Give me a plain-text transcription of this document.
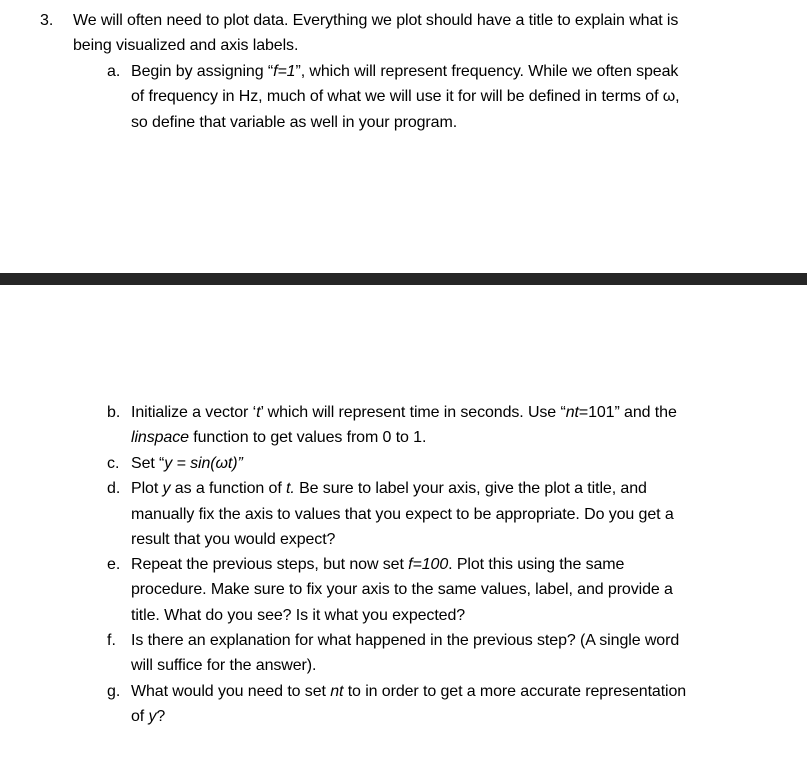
3. We will often need to plot data. Everything we plot should have a title to explain what is
being visualized and axis labels.
a. Begin by assigning “f=1”, which will represent frequency. While we often speak
of frequency in Hz, much of what we will use it for will be defined in terms of ω,
so define that variable as well in your program.
b. Initialize a vector ‘t’ which will represent time in seconds. Use “nt=101” and the
linspace function to get values from 0 to 1.
c. Set “y = sin(ωt)”
d. Plot y as a function of t. Be sure to label your axis, give the plot a title, and
manually fix the axis to values that you expect to be appropriate. Do you get a
result that you would expect?
e. Repeat the previous steps, but now set f=100. Plot this using the same
procedure. Make sure to fix your axis to the same values, label, and provide a
title. What do you see? Is it what you expected?
f. Is there an explanation for what happened in the previous step? (A single word
will suffice for the answer).
g. What would you need to set nt to in order to get a more accurate representation
of y?
